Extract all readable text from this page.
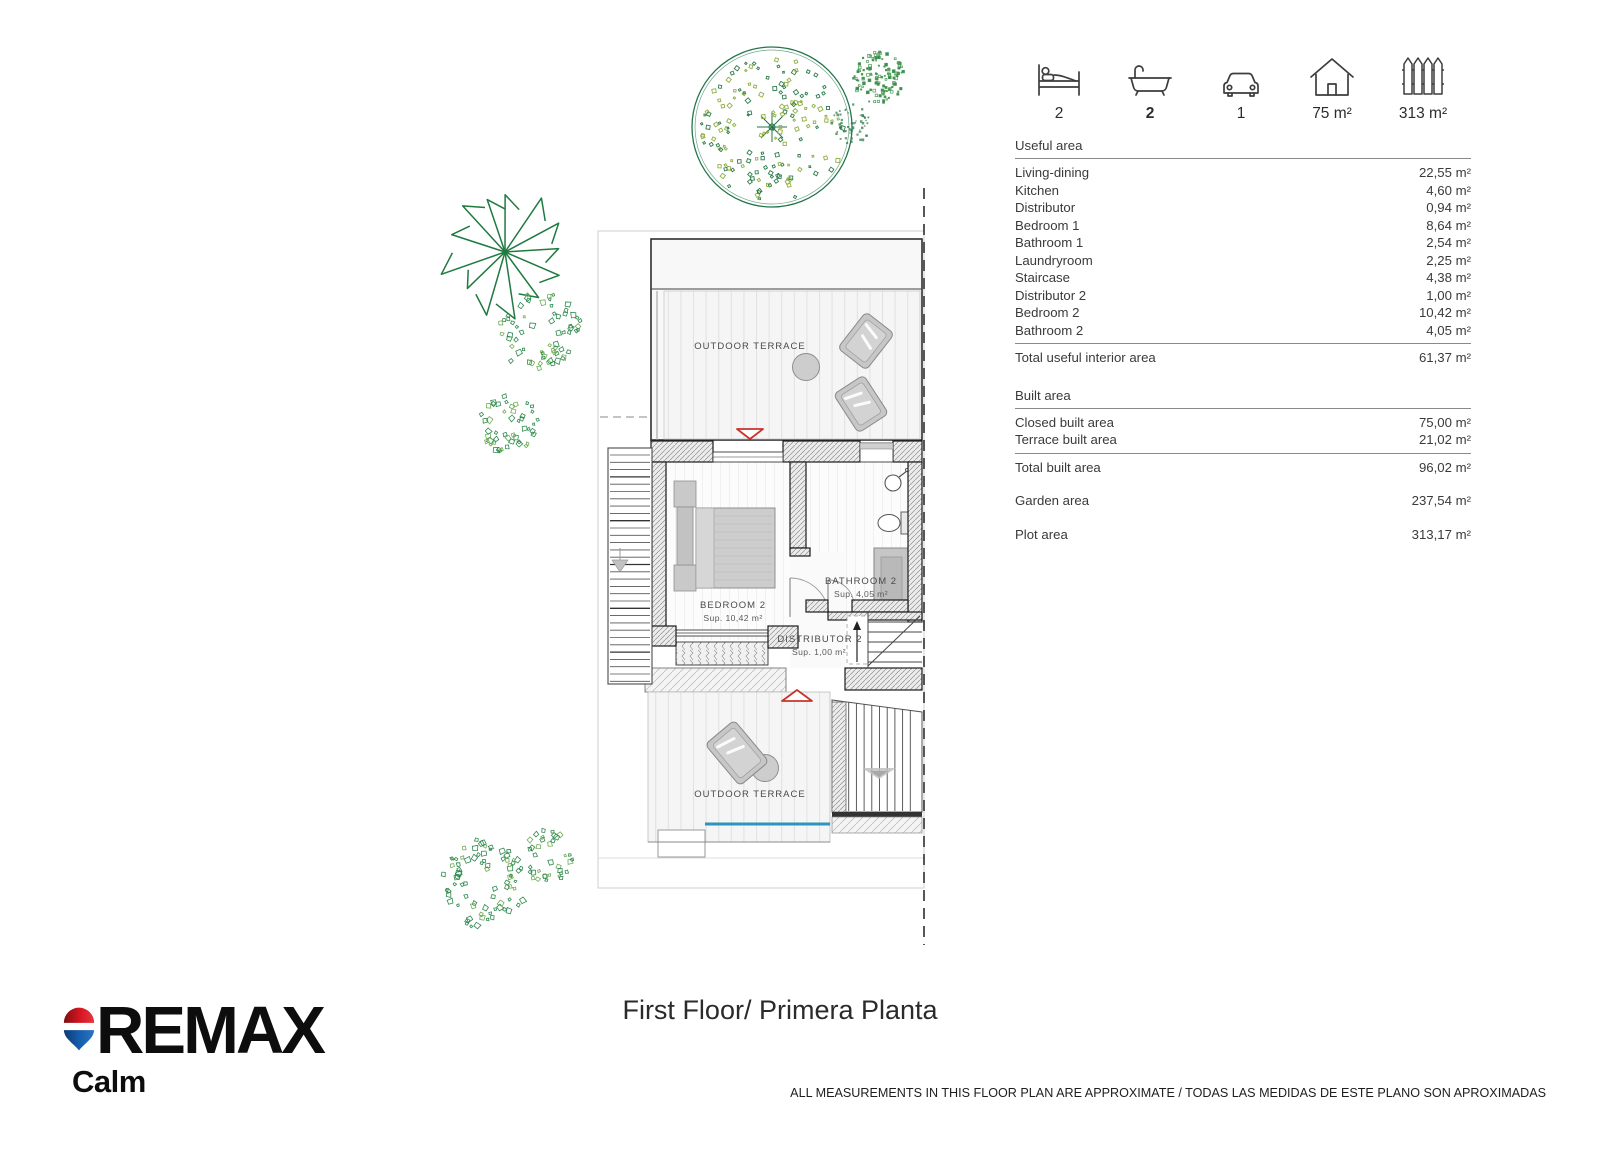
OUTDOOR TERRACE
OUTDOOR TERRACE
BEDROOM 2
Sup. 10,42 m²
BATHROOM 2
Sup. 4,05 m²
DISTRIBUTOR 2
Sup. 1,00 m²
2	2	1	75 m²	313 m²
Useful area
Living-dining	22,55 m²
Kitchen	4,60 m²
Distributor	0,94 m²
Bedroom 1	8,64 m²
Bathroom 1	2,54 m²
Laundryroom	2,25 m²
Staircase	4,38 m²
Distributor 2	1,00 m²
Bedroom 2	10,42 m²
Bathroom 2	4,05 m²
Total useful interior area	61,37 m²
Built area
Closed built area	75,00 m²
Terrace built area	21,02 m²
Total built area	96,02 m²
Garden area	237,54 m²
Plot area	313,17 m²
First Floor/ Primera Planta
REMAX
Calm	ALL MEASUREMENTS IN THIS FLOOR PLAN ARE APPROXIMATE / TODAS LAS MEDIDAS DE ESTE PLANO SON APROXIMADAS
